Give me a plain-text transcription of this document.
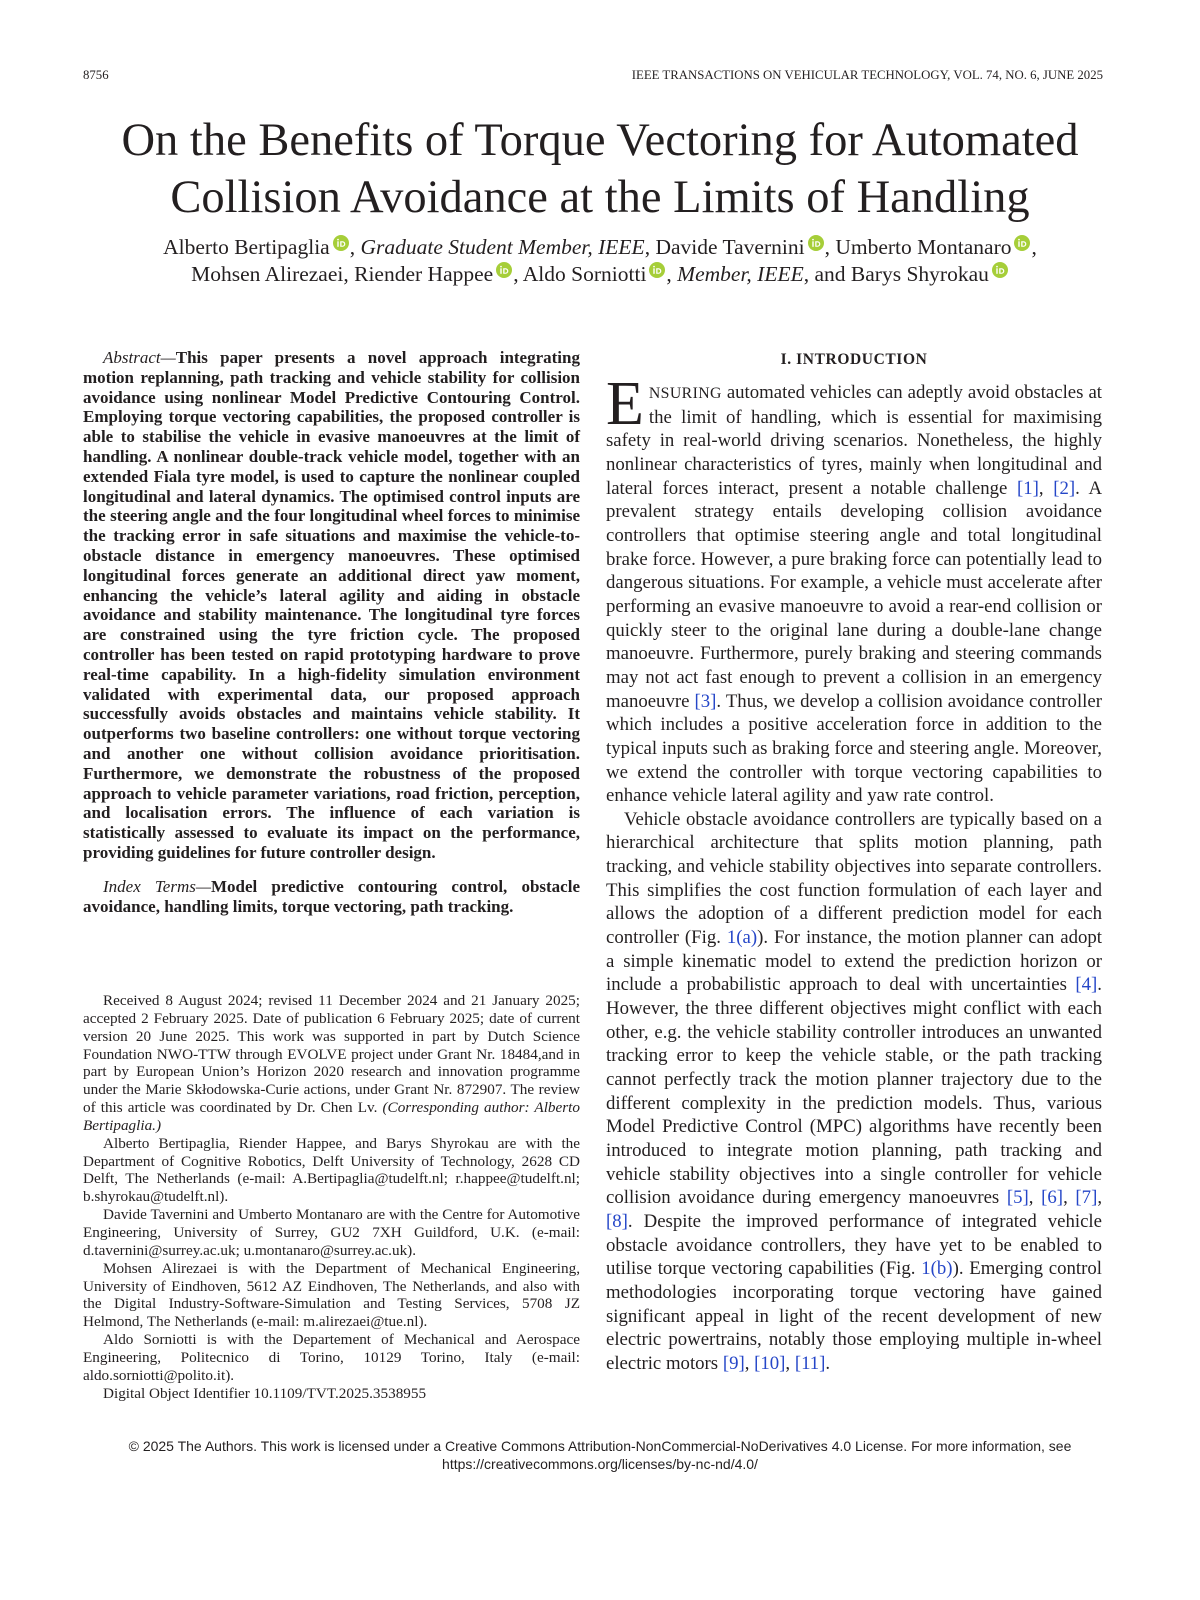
8756	IEEE TRANSACTIONS ON VEHICULAR TECHNOLOGY, VOL. 74, NO. 6, JUNE 2025
On the Benefits of Torque Vectoring for Automated
Collision Avoidance at the Limits of Handling
Alberto Bertipaglia , Graduate Student Member, IEEE, Davide Tavernini , Umberto Montanaro ,
Mohsen Alirezaei, Riender Happee , Aldo Sorniotti , Member, IEEE, and Barys Shyrokau

Abstract—This paper presents a novel approach integrating motion replanning, path tracking and vehicle stability for collision avoidance using nonlinear Model Predictive Contouring Control. Employing torque vectoring capabilities, the proposed controller is able to stabilise the vehicle in evasive manoeuvres at the limit of handling. A nonlinear double-track vehicle model, together with an extended Fiala tyre model, is used to capture the nonlinear coupled longitudinal and lateral dynamics. The optimised control inputs are the steering angle and the four longitudinal wheel forces to minimise the tracking error in safe situations and maximise the vehicle-to-obstacle distance in emergency manoeuvres. These optimised longitudinal forces generate an additional direct yaw moment, enhancing the vehicle’s lateral agility and aiding in obstacle avoidance and stability maintenance. The longitudinal tyre forces are constrained using the tyre friction cycle. The proposed controller has been tested on rapid prototyping hardware to prove real-time capability. In a high-fidelity simulation environment validated with experimental data, our proposed approach successfully avoids obstacles and maintains vehicle stability. It outperforms two baseline controllers: one without torque vectoring and another one without collision avoidance prioritisation. Furthermore, we demonstrate the robustness of the proposed approach to vehicle parameter variations, road friction, perception, and localisation errors. The influence of each variation is statistically assessed to evaluate its impact on the performance, providing guidelines for future controller design.

Index Terms—Model predictive contouring control, obstacle avoidance, handling limits, torque vectoring, path tracking.

Received 8 August 2024; revised 11 December 2024 and 21 January 2025; accepted 2 February 2025. Date of publication 6 February 2025; date of current version 20 June 2025. This work was supported in part by Dutch Science Foundation NWO-TTW through EVOLVE project under Grant Nr. 18484,and in part by European Union’s Horizon 2020 research and innovation programme under the Marie Skłodowska-Curie actions, under Grant Nr. 872907. The review of this article was coordinated by Dr. Chen Lv. (Corresponding author: Alberto Bertipaglia.)

Alberto Bertipaglia, Riender Happee, and Barys Shyrokau are with the Department of Cognitive Robotics, Delft University of Technology, 2628 CD Delft, The Netherlands (e-mail: A.Bertipaglia@tudelft.nl; r.happee@tudelft.nl; b.shyrokau@tudelft.nl).

Davide Tavernini and Umberto Montanaro are with the Centre for Automotive Engineering, University of Surrey, GU2 7XH Guildford, U.K. (e-mail: d.tavernini@surrey.ac.uk; u.montanaro@surrey.ac.uk).

Mohsen Alirezaei is with the Department of Mechanical Engineering, University of Eindhoven, 5612 AZ Eindhoven, The Netherlands, and also with the Digital Industry-Software-Simulation and Testing Services, 5708 JZ Helmond, The Netherlands (e-mail: m.alirezaei@tue.nl).

Aldo Sorniotti is with the Departement of Mechanical and Aerospace Engineering, Politecnico di Torino, 10129 Torino, Italy (e-mail: aldo.sorniotti@polito.it).

Digital Object Identifier 10.1109/TVT.2025.3538955

I. INTRODUCTION

ENSURING automated vehicles can adeptly avoid obstacles at the limit of handling, which is essential for maximising safety in real-world driving scenarios. Nonetheless, the highly nonlinear characteristics of tyres, mainly when longitudinal and lateral forces interact, present a notable challenge [1], [2]. A prevalent strategy entails developing collision avoidance controllers that optimise steering angle and total longitudinal brake force. However, a pure braking force can potentially lead to dangerous situations. For example, a vehicle must accelerate after performing an evasive manoeuvre to avoid a rear-end collision or quickly steer to the original lane during a double-lane change manoeuvre. Furthermore, purely braking and steering commands may not act fast enough to prevent a collision in an emergency manoeuvre [3]. Thus, we develop a collision avoidance controller which includes a positive acceleration force in addition to the typical inputs such as braking force and steering angle. Moreover, we extend the controller with torque vectoring capabilities to enhance vehicle lateral agility and yaw rate control.

Vehicle obstacle avoidance controllers are typically based on a hierarchical architecture that splits motion planning, path tracking, and vehicle stability objectives into separate controllers. This simplifies the cost function formulation of each layer and allows the adoption of a different prediction model for each controller (Fig. 1(a)). For instance, the motion planner can adopt a simple kinematic model to extend the prediction horizon or include a probabilistic approach to deal with uncertainties [4]. However, the three different objectives might conflict with each other, e.g. the vehicle stability controller introduces an unwanted tracking error to keep the vehicle stable, or the path tracking cannot perfectly track the motion planner trajectory due to the different complexity in the prediction models. Thus, various Model Predictive Control (MPC) algorithms have recently been introduced to integrate motion planning, path tracking and vehicle stability objectives into a single controller for vehicle collision avoidance during emergency manoeuvres [5], [6], [7], [8]. Despite the improved performance of integrated vehicle obstacle avoidance controllers, they have yet to be enabled to utilise torque vectoring capabilities (Fig. 1(b)). Emerging control methodologies incorporating torque vectoring have gained significant appeal in light of the recent development of new electric powertrains, notably those employing multiple in-wheel electric motors [9], [10], [11].

© 2025 The Authors. This work is licensed under a Creative Commons Attribution-NonCommercial-NoDerivatives 4.0 License. For more information, see
https://creativecommons.org/licenses/by-nc-nd/4.0/
